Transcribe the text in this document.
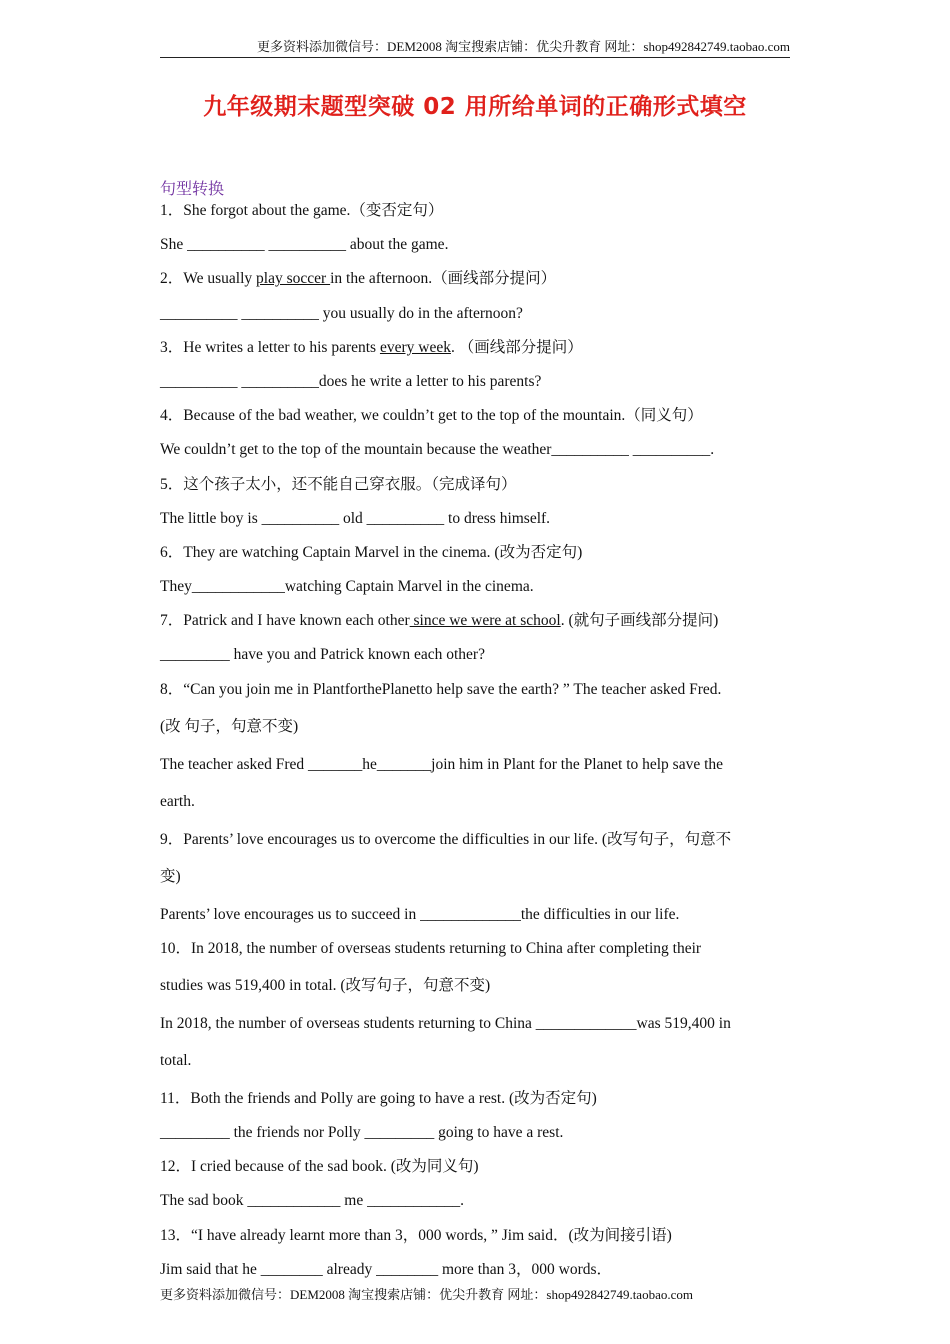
更多资料添加微信号：DEM2008 淘宝搜索店铺：优尖升教育 网址：shop492842749.taobao.com
九年级期末题型突破 02 用所给单词的正确形式填空
句型转换
1．She forgot about the game.（变否定句）
She __________ __________ about the game.
2．We usually play soccer in the afternoon.（画线部分提问）
__________ __________ you usually do in the afternoon?
3．He writes a letter to his parents every week. （画线部分提问）
__________ __________does he write a letter to his parents?
4．Because of the bad weather, we couldn’t get to the top of the mountain.（同义句）
We couldn’t get to the top of the mountain because the weather__________ __________.
5．这个孩子太小，还不能自己穿衣服。（完成译句）
The little boy is __________ old __________ to dress himself.
6．They are watching Captain Marvel in the cinema. (改为否定句)
They____________watching Captain Marvel in the cinema.
7．Patrick and I have known each other since we were at school. (就句子画线部分提问)
_________ have you and Patrick known each other?
8．“Can you join me in PlantforthePlanetto help save the earth? ” The teacher asked Fred.
(改 句子，句意不变)
The teacher asked Fred _______he_______join him in Plant for the Planet to help save the
earth.
9．Parents’ love encourages us to overcome the difficulties in our life. (改写句子，句意不
变)
Parents’ love encourages us to succeed in _____________the difficulties in our life.
10．In 2018, the number of overseas students returning to China after completing their
studies was 519,400 in total. (改写句子，句意不变)
In 2018, the number of overseas students returning to China _____________was 519,400 in
total.
11．Both the friends and Polly are going to have a rest. (改为否定句)
_________ the friends nor Polly _________ going to have a rest.
12．I cried because of the sad book. (改为同义句)
The sad book ____________ me ____________.
13．“I have already learnt more than 3，000 words, ” Jim said．(改为间接引语)
Jim said that he ________ already ________ more than 3，000 words．
更多资料添加微信号：DEM2008 淘宝搜索店铺：优尖升教育 网址：shop492842749.taobao.com
